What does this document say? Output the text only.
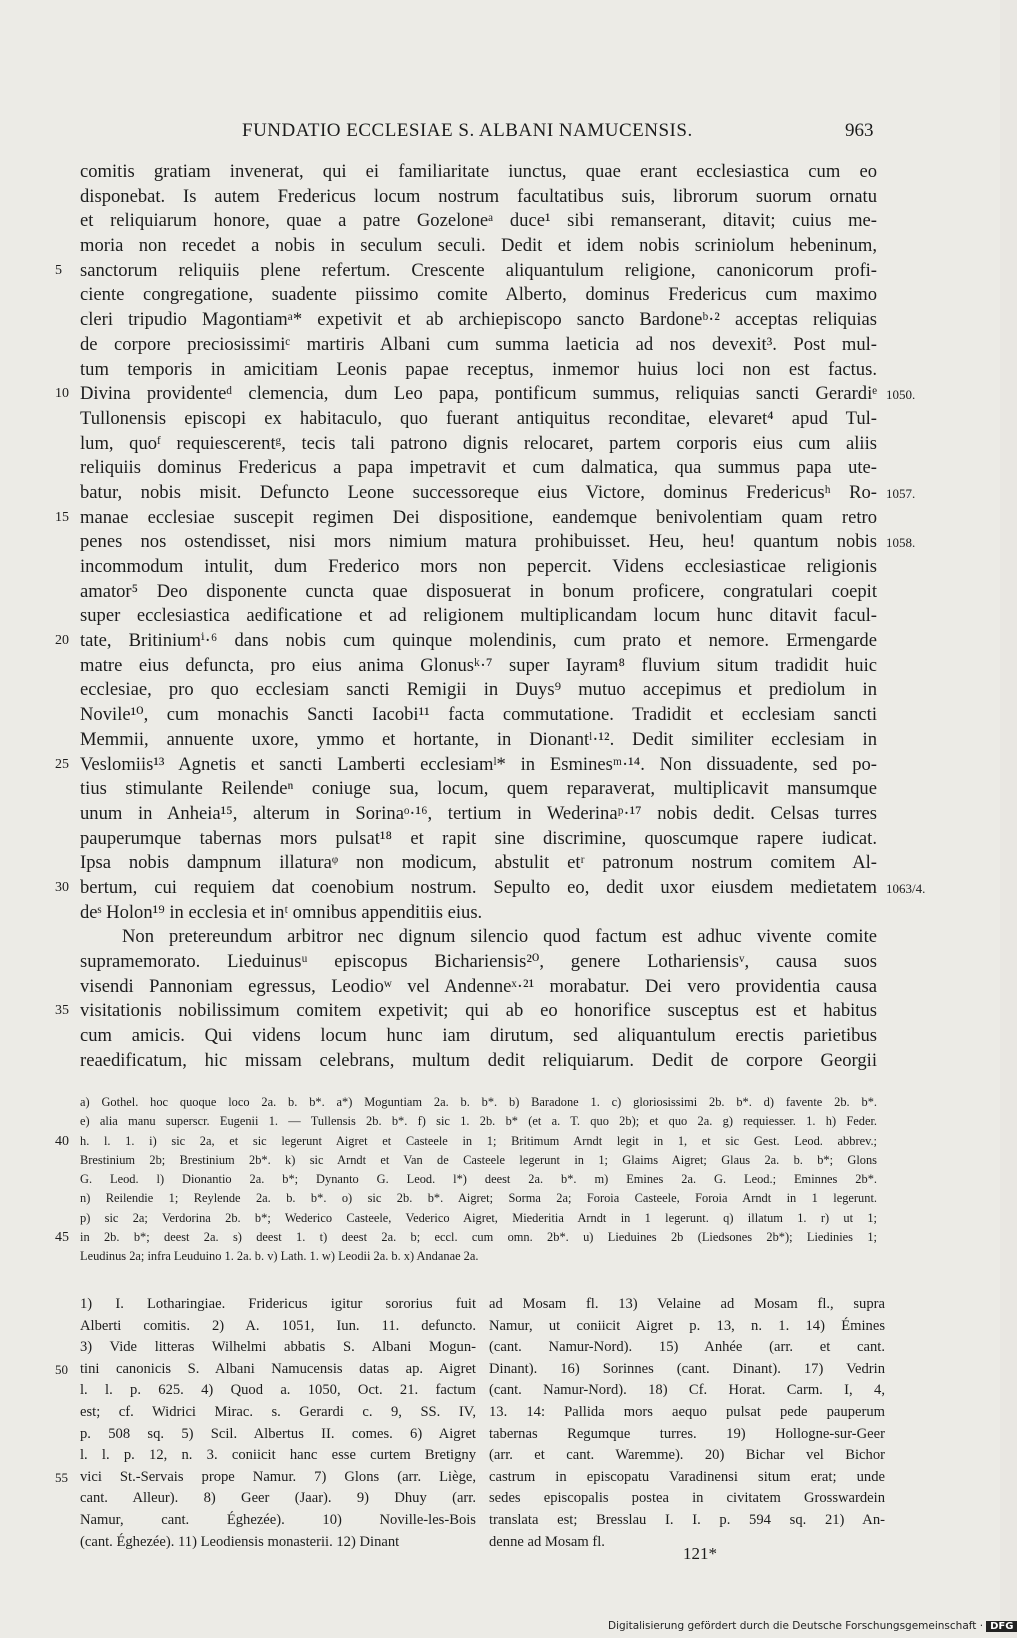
FUNDATIO ECCLESIAE S. ALBANI NAMUCENSIS.	963
comitis gratiam invenerat, qui ei familiaritate iunctus, quae erant ecclesiastica cum eo
disponebat. Is autem Fredericus locum nostrum facultatibus suis, librorum suorum ornatu
et reliquiarum honore, quae a patre Gozeloneᵃ duce¹ sibi remanserant, ditavit; cuius me-
moria non recedet a nobis in seculum seculi. Dedit et idem nobis scriniolum hebeninum,
sanctorum reliquiis plene refertum. Crescente aliquantulum religione, canonicorum profi-
5
ciente congregatione, suadente piissimo comite Alberto, dominus Fredericus cum maximo
cleri tripudio Magontiamᵃ* expetivit et ab archiepiscopo sancto Bardoneᵇ·² acceptas reliquias
de corpore preciosissimiᶜ martiris Albani cum summa laeticia ad nos devexit³. Post mul-
tum temporis in amicitiam Leonis papae receptus, inmemor huius loci non est factus.
Divina providenteᵈ clemencia, dum Leo papa, pontificum summus, reliquias sancti Gerardiᵉ
10	1050.
Tullonensis episcopi ex habitaculo, quo fuerant antiquitus reconditae, elevaret⁴ apud Tul-
lum, quoᶠ requiescerentᵍ, tecis tali patrono dignis relocaret, partem corporis eius cum aliis
reliquiis dominus Fredericus a papa impetravit et cum dalmatica, qua summus papa ute-
batur, nobis misit. Defuncto Leone successoreque eius Victore, dominus Fredericusʰ Ro- 1057.
manae ecclesiae suscepit regimen Dei dispositione, eandemque benivolentiam quam retro
15
penes nos ostendisset, nisi mors nimium matura prohibuisset. Heu, heu! quantum nobis 1058.
incommodum intulit, dum Frederico mors non pepercit. Videns ecclesiasticae religionis
amator⁵ Deo disponente cuncta quae disposuerat in bonum proficere, congratulari coepit
super ecclesiastica aedificatione et ad religionem multiplicandam locum hunc ditavit facul-
tate, Britiniumⁱ·⁶ dans nobis cum quinque molendinis, cum prato et nemore. Ermengarde
20
matre eius defuncta, pro eius anima Glonusᵏ·⁷ super Iayram⁸ fluvium situm tradidit huic
ecclesiae, pro quo ecclesiam sancti Remigii in Duys⁹ mutuo accepimus et prediolum in
Novile¹⁰, cum monachis Sancti Iacobi¹¹ facta commutatione. Tradidit et ecclesiam sancti
Memmii, annuente uxore, ymmo et hortante, in Dionantˡ·¹². Dedit similiter ecclesiam in
Veslomiis¹³ Agnetis et sancti Lamberti ecclesiamˡ* in Esminesᵐ·¹⁴. Non dissuadente, sed po-
25
tius stimulante Reilendeⁿ coniuge sua, locum, quem reparaverat, multiplicavit mansumque
unum in Anheia¹⁵, alterum in Sorinaᵒ·¹⁶, tertium in Wederinaᵖ·¹⁷ nobis dedit. Celsas turres
pauperumque tabernas mors pulsat¹⁸ et rapit sine discrimine, quoscumque rapere iudicat.
Ipsa nobis dampnum illaturaᵠ non modicum, abstulit etʳ patronum nostrum comitem Al-
bertum, cui requiem dat coenobium nostrum. Sepulto eo, dedit uxor eiusdem medietatem
30	1063/4.
deˢ Holon¹⁹ in ecclesia et inᵗ omnibus appenditiis eius.
Non pretereundum arbitror nec dignum silencio quod factum est adhuc vivente comite
supramemorato. Lieduinusᵘ episcopus Bichariensis²⁰, genere Lothariensisᵛ, causa suos
visendi Pannoniam egressus, Leodioʷ vel Andenneˣ·²¹ morabatur. Dei vero providentia causa
visitationis nobilissimum comitem expetivit; qui ab eo honorifice susceptus est et habitus
35
cum amicis. Qui videns locum hunc iam dirutum, sed aliquantulum erectis parietibus
reaedificatum, hic missam celebrans, multum dedit reliquiarum. Dedit de corpore Georgii
a) Gothel. hoc quoque loco 2a. b. b*. a*) Moguntiam 2a. b. b*. b) Baradone 1. c) gloriosissimi 2b. b*. d) favente 2b. b*.
e) alia manu superscr. Eugenii 1. — Tullensis 2b. b*. f) sic 1. 2b. b* (et a. T. quo 2b); et quo 2a. g) requiesser. 1. h) Feder.
h. l. 1. i) sic 2a, et sic legerunt Aigret et Casteele in 1; Britimum Arndt legit in 1, et sic Gest. Leod. abbrev.;
40
Brestinium 2b; Brestinium 2b*. k) sic Arndt et Van de Casteele legerunt in 1; Glaims Aigret; Glaus 2a. b. b*; Glons
G. Leod. l) Dionantio 2a. b*; Dynanto G. Leod. l*) deest 2a. b*. m) Emines 2a. G. Leod.; Eminnes 2b*.
n) Reilendie 1; Reylende 2a. b. b*. o) sic 2b. b*. Aigret; Sorma 2a; Foroia Casteele, Foroia Arndt in 1 legerunt.
p) sic 2a; Verdorina 2b. b*; Wederico Casteele, Vederico Aigret, Miederitia Arndt in 1 legerunt. q) illatum 1. r) ut 1;
in 2b. b*; deest 2a. s) deest 1. t) deest 2a. b; eccl. cum omn. 2b*. u) Lieduines 2b (Liedsones 2b*); Liedinies 1;
45
Leudinus 2a; infra Leuduino 1. 2a. b. v) Lath. 1. w) Leodii 2a. b. x) Andanae 2a.
1) I. Lotharingiae. Fridericus igitur sororius fuit
Alberti comitis. 2) A. 1051, Iun. 11. defuncto.
3) Vide litteras Wilhelmi abbatis S. Albani Mogun-
tini canonicis S. Albani Namucensis datas ap. Aigret
50
l. l. p. 625. 4) Quod a. 1050, Oct. 21. factum
est; cf. Widrici Mirac. s. Gerardi c. 9, SS. IV,
p. 508 sq. 5) Scil. Albertus II. comes. 6) Aigret
l. l. p. 12, n. 3. coniicit hanc esse curtem Bretigny
vici St.-Servais prope Namur. 7) Glons (arr. Liège,
55
cant. Alleur). 8) Geer (Jaar). 9) Dhuy (arr.
Namur, cant. Éghezée). 10) Noville-les-Bois
(cant. Éghezée). 11) Leodiensis monasterii. 12) Dinant
ad Mosam fl. 13) Velaine ad Mosam fl., supra
Namur, ut coniicit Aigret p. 13, n. 1. 14) Émines
(cant. Namur-Nord). 15) Anhée (arr. et cant.
Dinant). 16) Sorinnes (cant. Dinant). 17) Vedrin
(cant. Namur-Nord). 18) Cf. Horat. Carm. I, 4,
13. 14: Pallida mors aequo pulsat pede pauperum
tabernas Regumque turres. 19) Hollogne-sur-Geer
(arr. et cant. Waremme). 20) Bichar vel Bichor
castrum in episcopatu Varadinensi situm erat; unde
sedes episcopalis postea in civitatem Grosswardein
translata est; Bresslau I. I. p. 594 sq. 21) An-
denne ad Mosam fl.
121*
Digitalisierung gefördert durch die Deutsche Forschungsgemeinschaft · DFG
